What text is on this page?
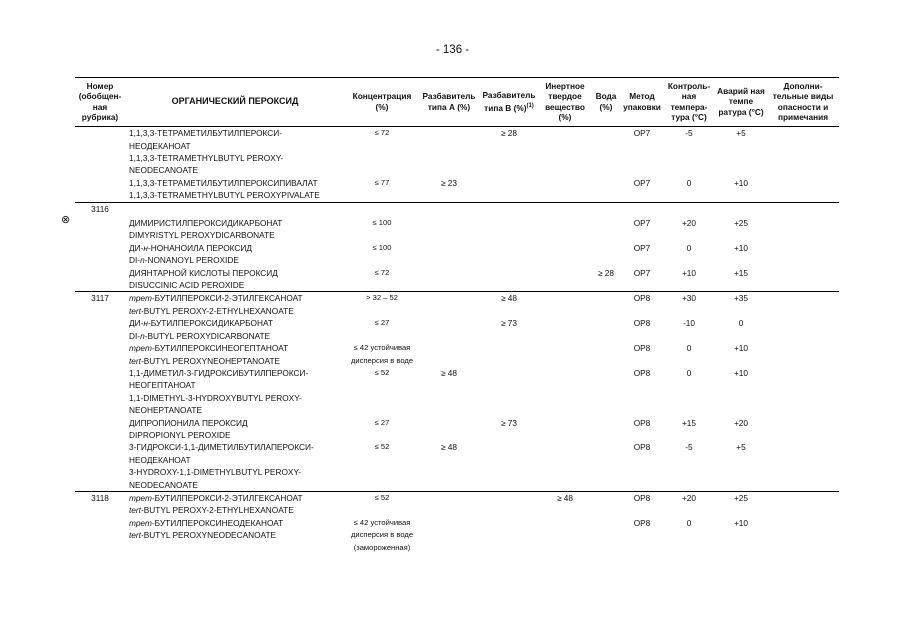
- 136 -
⊗
Номер (обобщен-ная рубрика)	ОРГАНИЧЕСКИЙ ПЕРОКСИД	Концентрация (%)	Разбавитель типа А (%)	Разбавитель типа В (%)$^{(1)}$	Инертное твердое вещество (%)	Вода (%)	Метод упаковки	Контроль-ная темпера-тура (°C)	Аварий ная темпе ратура (°C)	Дополни-тельные виды опасности и примечания
	1,1,3,3-ТЕТРАМЕТИЛБУТИЛПЕРОКСИ-	≤ 72		≥ 28			OP7	-5	+5	
	НЕОДЕКАНОАТ									
	1,1,3,3-TETRAMETHYLBUTYL PEROXY-									
	NEODECANOATE									
	1,1,3,3-ТЕТРАМЕТИЛБУТИЛПЕРОКСИПИВАЛАТ	≤ 77	≥ 23				OP7	0	+10	
	1,1,3,3-TETRAMETHYLBUTYL PEROXYPIVALATE									
3116										
	ДИМИРИСТИЛПЕРОКСИДИКАРБОНАТ	≤ 100					OP7	+20	+25	
	DIMYRISTYL PEROXYDICARBONATE									
	ДИ-н-НОНАНОИЛА ПЕРОКСИД	≤ 100					OP7	0	+10	
	DI-n-NONANOYL PEROXIDE									
	ДИЯНТАРНОЙ КИСЛОТЫ ПЕРОКСИД	≤ 72				≥ 28	OP7	+10	+15	
	DISUCCINIC ACID PEROXIDE									
3117	трет-БУТИЛПЕРОКСИ-2-ЭТИЛГЕКСАНОАТ	> 32 – 52		≥ 48			OP8	+30	+35	
	tert-BUTYL PEROXY-2-ETHYLHEXANOATE									
	ДИ-н-БУТИЛПЕРОКСИДИКАРБОНАТ	≤ 27		≥ 73			OP8	-10	0	
	DI-n-BUTYL PEROXYDICARBONATE									
	трет-БУТИЛПЕРОКСИНЕОГЕПТАНОАТ	≤ 42 устойчивая					OP8	0	+10	
	tert-BUTYL PEROXYNEOHEPTANOATE	дисперсия в воде								
	1,1-ДИМЕТИЛ-3-ГИДРОКСИБУТИЛПЕРОКСИ-	≤ 52	≥ 48				OP8	0	+10	
	НЕОГЕПТАНОАТ									
	1,1-DIMETHYL-3-HYDROXYBUTYL PEROXY-									
	NEOHEPTANOATE									
	ДИПРОПИОНИЛА ПЕРОКСИД	≤ 27		≥ 73			OP8	+15	+20	
	DIPROPIONYL PEROXIDE									
	3-ГИДРОКСИ-1,1-ДИМЕТИЛБУТИЛАПЕРОКСИ-	≤ 52	≥ 48				OP8	-5	+5	
	НЕОДЕКАНОАТ									
	3-HYDROXY-1,1-DIMETHYLBUTYL PEROXY-									
	NEODECANOATE									
3118	трет-БУТИЛПЕРОКСИ-2-ЭТИЛГЕКСАНОАТ	≤ 52			≥ 48		OP8	+20	+25	
	tert-BUTYL PEROXY-2-ETHYLHEXANOATE									
	трет-БУТИЛПЕРОКСИНЕОДЕКАНОАТ	≤ 42 устойчивая					OP8	0	+10	
	tert-BUTYL PEROXYNEODECANOATE	дисперсия в воде								
		(замороженная)								
